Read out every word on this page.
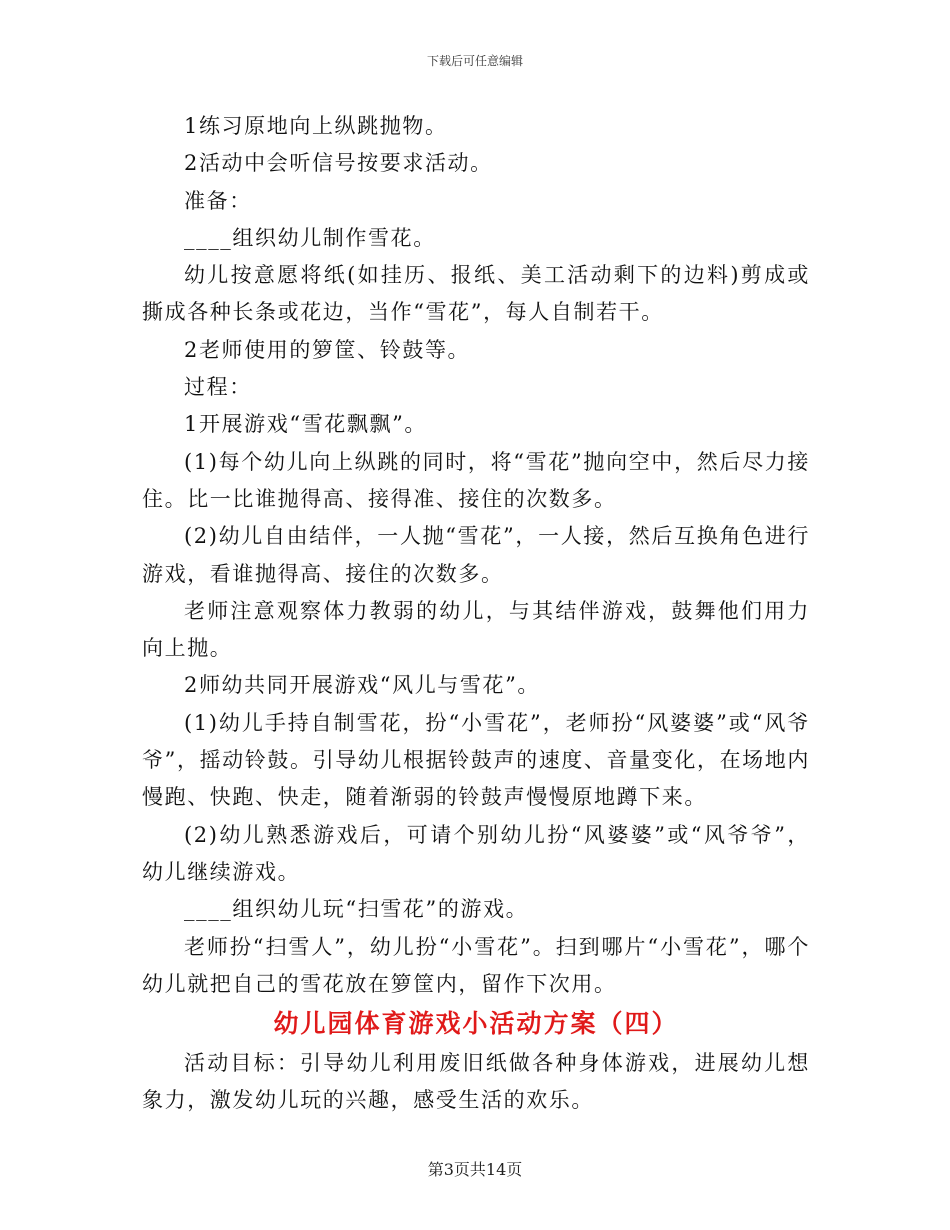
下载后可任意编辑

1练习原地向上纵跳抛物。

2活动中会听信号按要求活动。

准备：

____组织幼儿制作雪花。

幼儿按意愿将纸(如挂历、报纸、美工活动剩下的边料)剪成或撕成各种长条或花边，当作“雪花”，每人自制若干。

2老师使用的箩筐、铃鼓等。

过程：

1开展游戏“雪花飘飘”。

(1)每个幼儿向上纵跳的同时，将“雪花”抛向空中，然后尽力接住。比一比谁抛得高、接得准、接住的次数多。

(2)幼儿自由结伴，一人抛“雪花”，一人接，然后互换角色进行游戏，看谁抛得高、接住的次数多。

老师注意观察体力教弱的幼儿，与其结伴游戏，鼓舞他们用力向上抛。

2师幼共同开展游戏“风儿与雪花”。

(1)幼儿手持自制雪花，扮“小雪花”，老师扮“风婆婆”或“风爷爷”，摇动铃鼓。引导幼儿根据铃鼓声的速度、音量变化，在场地内慢跑、快跑、快走，随着渐弱的铃鼓声慢慢原地蹲下来。

(2)幼儿熟悉游戏后，可请个别幼儿扮“风婆婆”或“风爷爷”，幼儿继续游戏。

____组织幼儿玩“扫雪花”的游戏。

老师扮“扫雪人”，幼儿扮“小雪花”。扫到哪片“小雪花”，哪个幼儿就把自己的雪花放在箩筐内，留作下次用。

幼儿园体育游戏小活动方案（四）

活动目标：引导幼儿利用废旧纸做各种身体游戏，进展幼儿想象力，激发幼儿玩的兴趣，感受生活的欢乐。

第3页共14页
